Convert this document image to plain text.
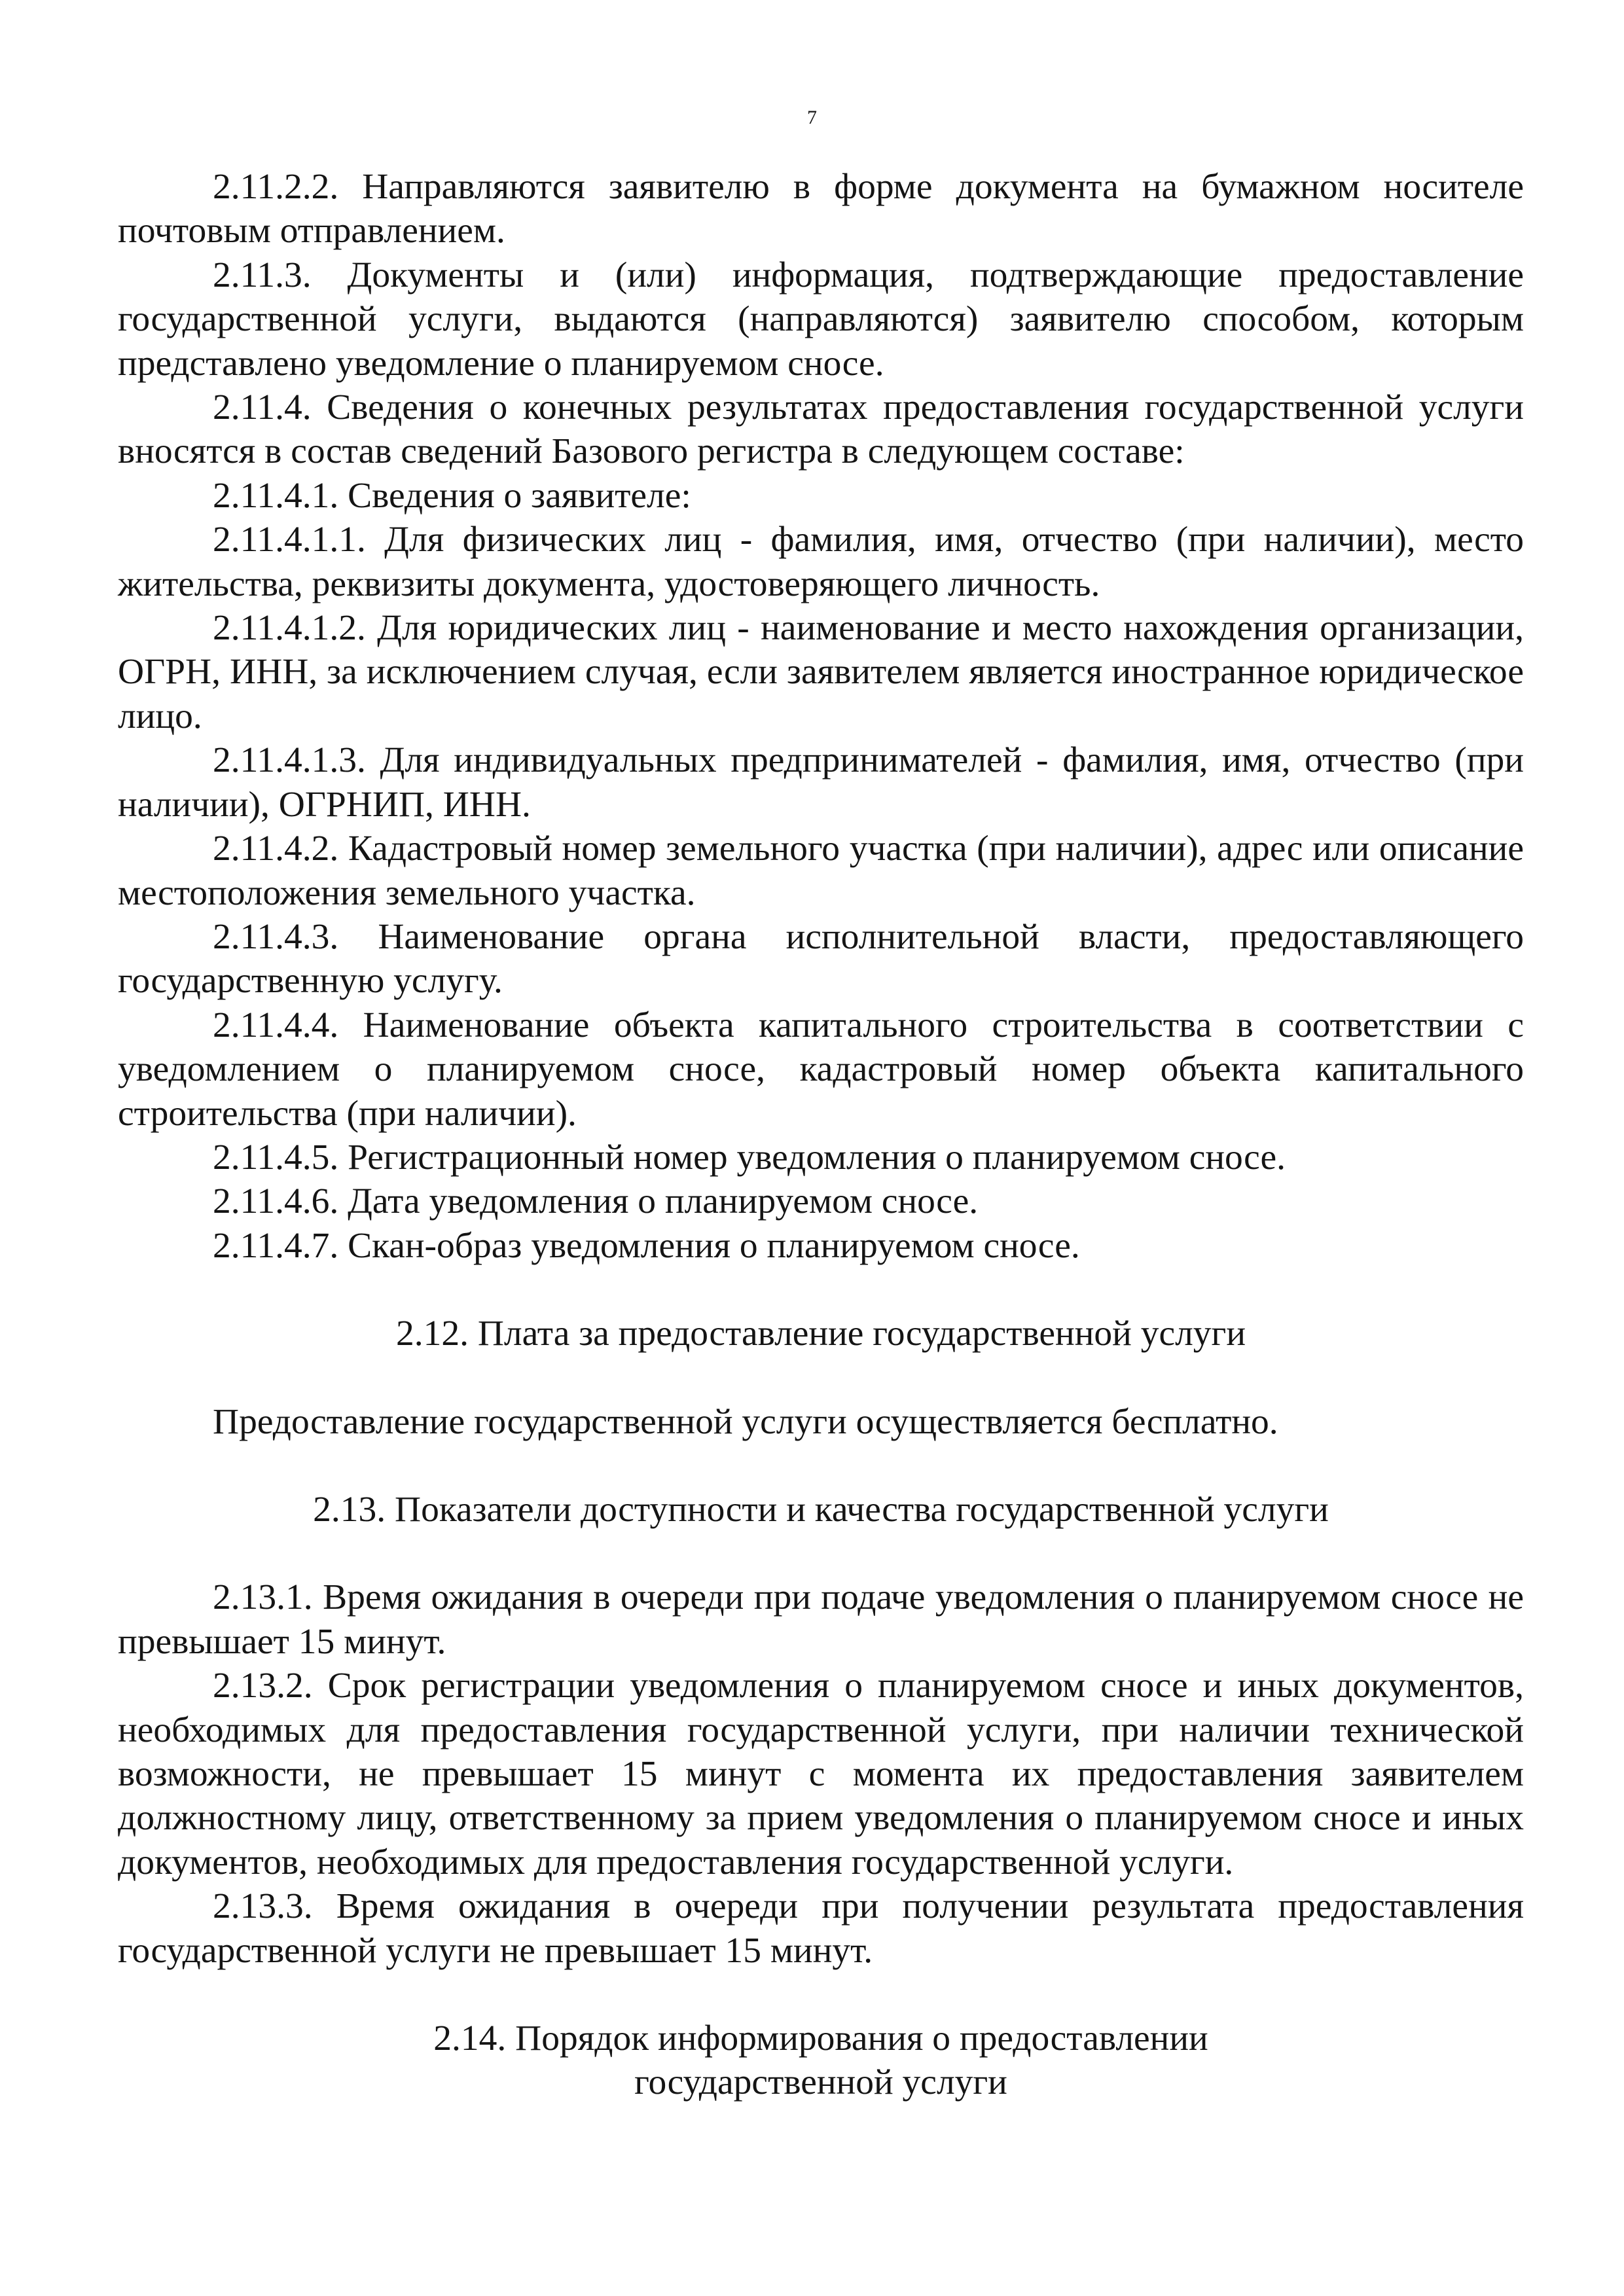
7

2.11.2.2. Направляются заявителю в форме документа на бумажном носителе почтовым отправлением.

2.11.3. Документы и (или) информация, подтверждающие предоставление государственной услуги, выдаются (направляются) заявителю способом, которым представлено уведомление о планируемом сносе.

2.11.4. Сведения о конечных результатах предоставления государственной услуги вносятся в состав сведений Базового регистра в следующем составе:

2.11.4.1. Сведения о заявителе:

2.11.4.1.1. Для физических лиц - фамилия, имя, отчество (при наличии), место жительства, реквизиты документа, удостоверяющего личность.

2.11.4.1.2. Для юридических лиц - наименование и место нахождения организации, ОГРН, ИНН, за исключением случая, если заявителем является иностранное юридическое лицо.

2.11.4.1.3. Для индивидуальных предпринимателей - фамилия, имя, отчество (при наличии), ОГРНИП, ИНН.

2.11.4.2. Кадастровый номер земельного участка (при наличии), адрес или описание местоположения земельного участка.

2.11.4.3. Наименование органа исполнительной власти, предоставляющего государственную услугу.

2.11.4.4. Наименование объекта капитального строительства в соответствии с уведомлением о планируемом сносе, кадастровый номер объекта капитального строительства (при наличии).

2.11.4.5. Регистрационный номер уведомления о планируемом сносе.

2.11.4.6. Дата уведомления о планируемом сносе.

2.11.4.7. Скан-образ уведомления о планируемом сносе.

2.12. Плата за предоставление государственной услуги

Предоставление государственной услуги осуществляется бесплатно.

2.13. Показатели доступности и качества государственной услуги

2.13.1. Время ожидания в очереди при подаче уведомления о планируемом сносе не превышает 15 минут.

2.13.2. Срок регистрации уведомления о планируемом сносе и иных документов, необходимых для предоставления государственной услуги, при наличии технической возможности, не превышает 15 минут с момента их предоставления заявителем должностному лицу, ответственному за прием уведомления о планируемом сносе и иных документов, необходимых для предоставления государственной услуги.

2.13.3. Время ожидания в очереди при получении результата предоставления государственной услуги не превышает 15 минут.

2.14. Порядок информирования о предоставлении

государственной услуги
